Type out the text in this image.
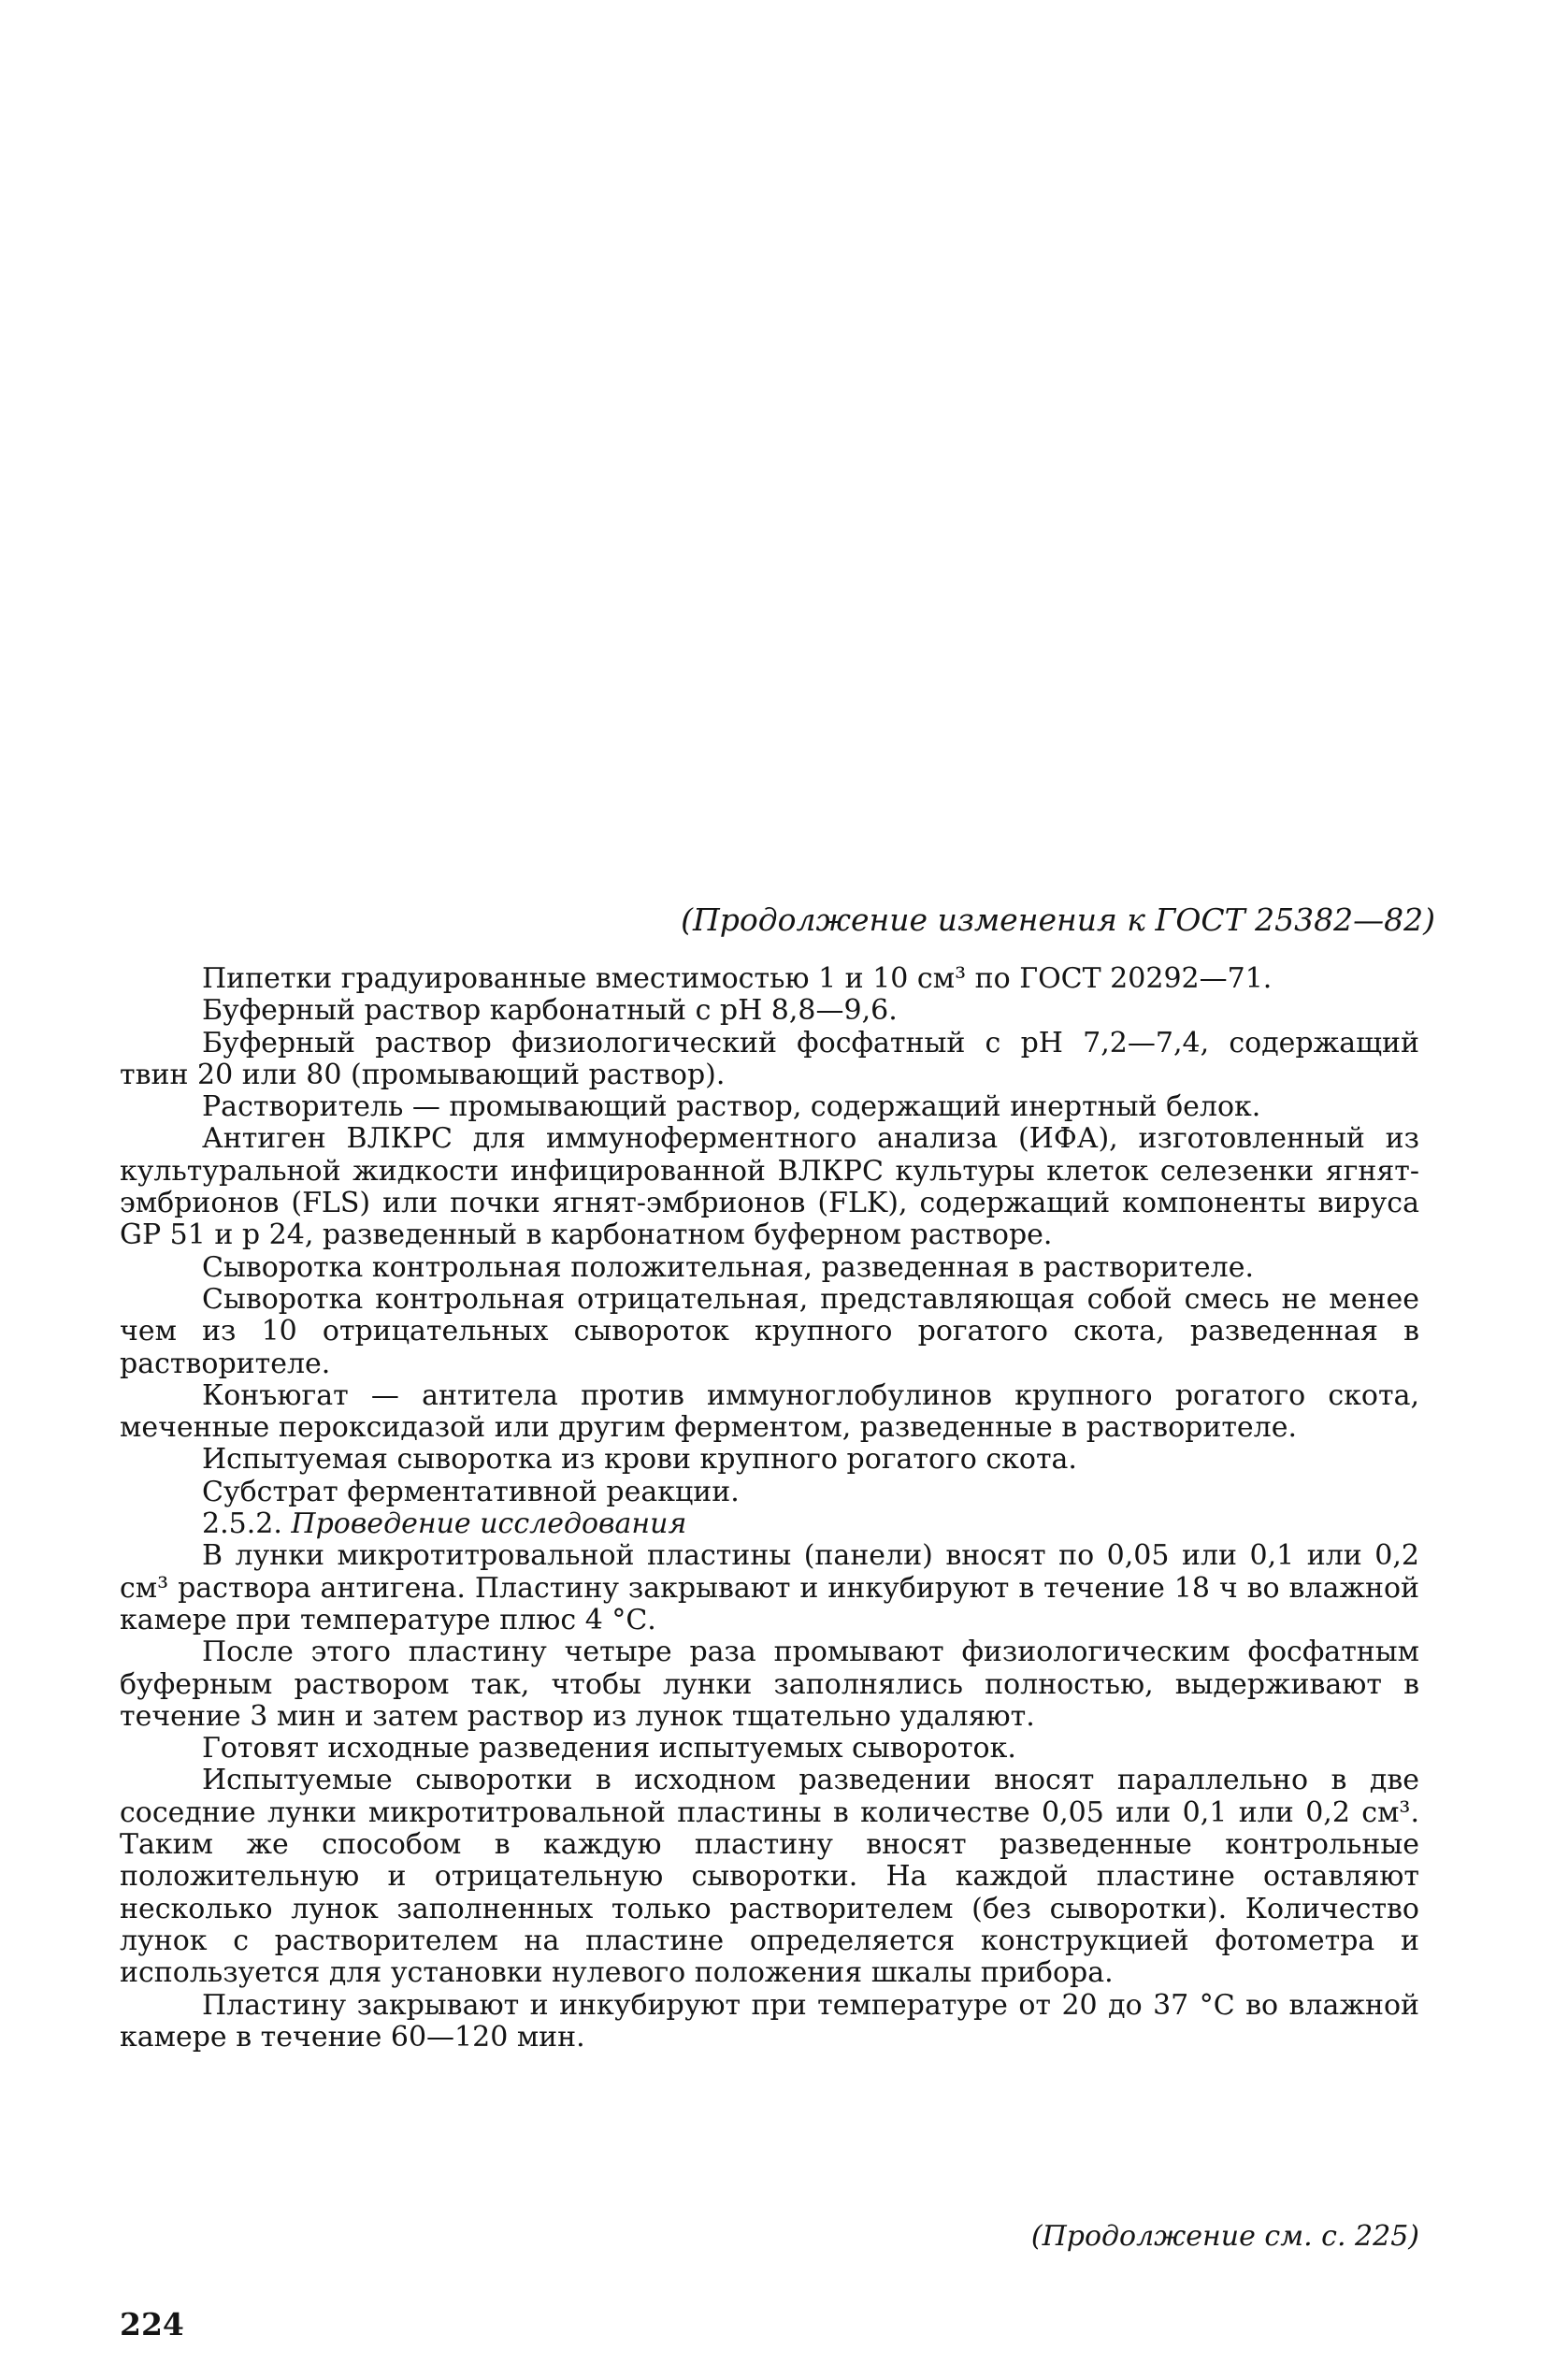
(Продолжение изменения к ГОСТ 25382—82)

Пипетки градуированные вместимостью 1 и 10 см³ по ГОСТ 20292—71.

Буферный раствор карбонатный с pH 8,8—9,6.

Буферный раствор физиологический фосфатный с pH 7,2—7,4, содержащий твин 20 или 80 (промывающий раствор).

Растворитель — промывающий раствор, содержащий инертный белок.

Антиген ВЛКРС для иммуноферментного анализа (ИФА), изготовленный из культуральной жидкости инфицированной ВЛКРС культуры клеток селезенки ягнят-эмбрионов (FLS) или почки ягнят-эмбрионов (FLK), содержащий компоненты вируса GP 51 и p 24, разведенный в карбонатном буферном растворе.

Сыворотка контрольная положительная, разведенная в растворителе.

Сыворотка контрольная отрицательная, представляющая собой смесь не менее чем из 10 отрицательных сывороток крупного рогатого скота, разведенная в растворителе.

Конъюгат — антитела против иммуноглобулинов крупного рогатого скота, меченные пероксидазой или другим ферментом, разведенные в растворителе.

Испытуемая сыворотка из крови крупного рогатого скота.

Субстрат ферментативной реакции.

2.5.2. Проведение исследования

В лунки микротитровальной пластины (панели) вносят по 0,05 или 0,1 или 0,2 см³ раствора антигена. Пластину закрывают и инкубируют в течение 18 ч во влажной камере при температуре плюс 4 °С.

После этого пластину четыре раза промывают физиологическим фосфатным буферным раствором так, чтобы лунки заполнялись полностью, выдерживают в течение 3 мин и затем раствор из лунок тщательно удаляют.

Готовят исходные разведения испытуемых сывороток.

Испытуемые сыворотки в исходном разведении вносят параллельно в две соседние лунки микротитровальной пластины в количестве 0,05 или 0,1 или 0,2 см³. Таким же способом в каждую пластину вносят разведенные контрольные положительную и отрицательную сыворотки. На каждой пластине оставляют несколько лунок заполненных только растворителем (без сыворотки). Количество лунок с растворителем на пластине определяется конструкцией фотометра и используется для установки нулевого положения шкалы прибора.

Пластину закрывают и инкубируют при температуре от 20 до 37 °С во влажной камере в течение 60—120 мин.

(Продолжение см. с. 225)
224
